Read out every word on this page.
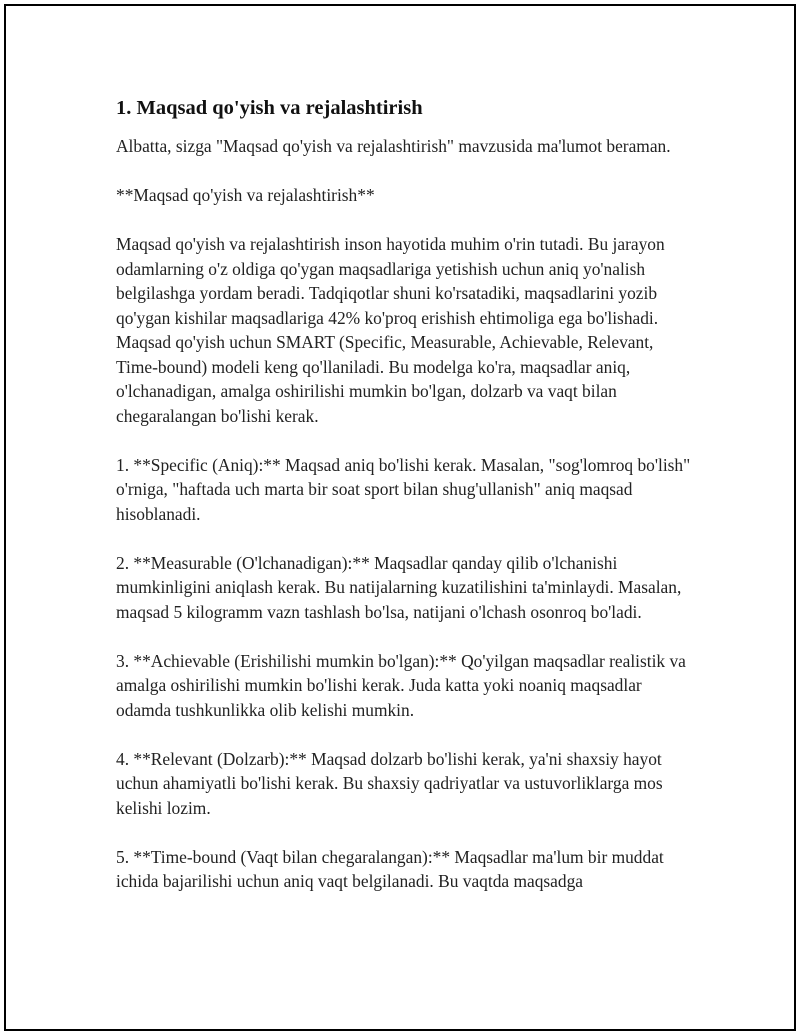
1. Maqsad qo'yish va rejalashtirish

Albatta, sizga "Maqsad qo'yish va rejalashtirish" mavzusida ma'lumot beraman.

**Maqsad qo'yish va rejalashtirish**

Maqsad qo'yish va rejalashtirish inson hayotida muhim o'rin tutadi. Bu jarayon odamlarning o'z oldiga qo'ygan maqsadlariga yetishish uchun aniq yo'nalish belgilashga yordam beradi. Tadqiqotlar shuni ko'rsatadiki, maqsadlarini yozib qo'ygan kishilar maqsadlariga 42% ko'proq erishish ehtimoliga ega bo'lishadi. Maqsad qo'yish uchun SMART (Specific, Measurable, Achievable, Relevant, Time-bound) modeli keng qo'llaniladi. Bu modelga ko'ra, maqsadlar aniq, o'lchanadigan, amalga oshirilishi mumkin bo'lgan, dolzarb va vaqt bilan chegaralangan bo'lishi kerak.

1. **Specific (Aniq):** Maqsad aniq bo'lishi kerak. Masalan, "sog'lomroq bo'lish" o'rniga, "haftada uch marta bir soat sport bilan shug'ullanish" aniq maqsad hisoblanadi.

2. **Measurable (O'lchanadigan):** Maqsadlar qanday qilib o'lchanishi mumkinligini aniqlash kerak. Bu natijalarning kuzatilishini ta'minlaydi. Masalan, maqsad 5 kilogramm vazn tashlash bo'lsa, natijani o'lchash osonroq bo'ladi.

3. **Achievable (Erishilishi mumkin bo'lgan):** Qo'yilgan maqsadlar realistik va amalga oshirilishi mumkin bo'lishi kerak. Juda katta yoki noaniq maqsadlar odamda tushkunlikka olib kelishi mumkin.

4. **Relevant (Dolzarb):** Maqsad dolzarb bo'lishi kerak, ya'ni shaxsiy hayot uchun ahamiyatli bo'lishi kerak. Bu shaxsiy qadriyatlar va ustuvorliklarga mos kelishi lozim.

5. **Time-bound (Vaqt bilan chegaralangan):** Maqsadlar ma'lum bir muddat ichida bajarilishi uchun aniq vaqt belgilanadi. Bu vaqtda maqsadga
